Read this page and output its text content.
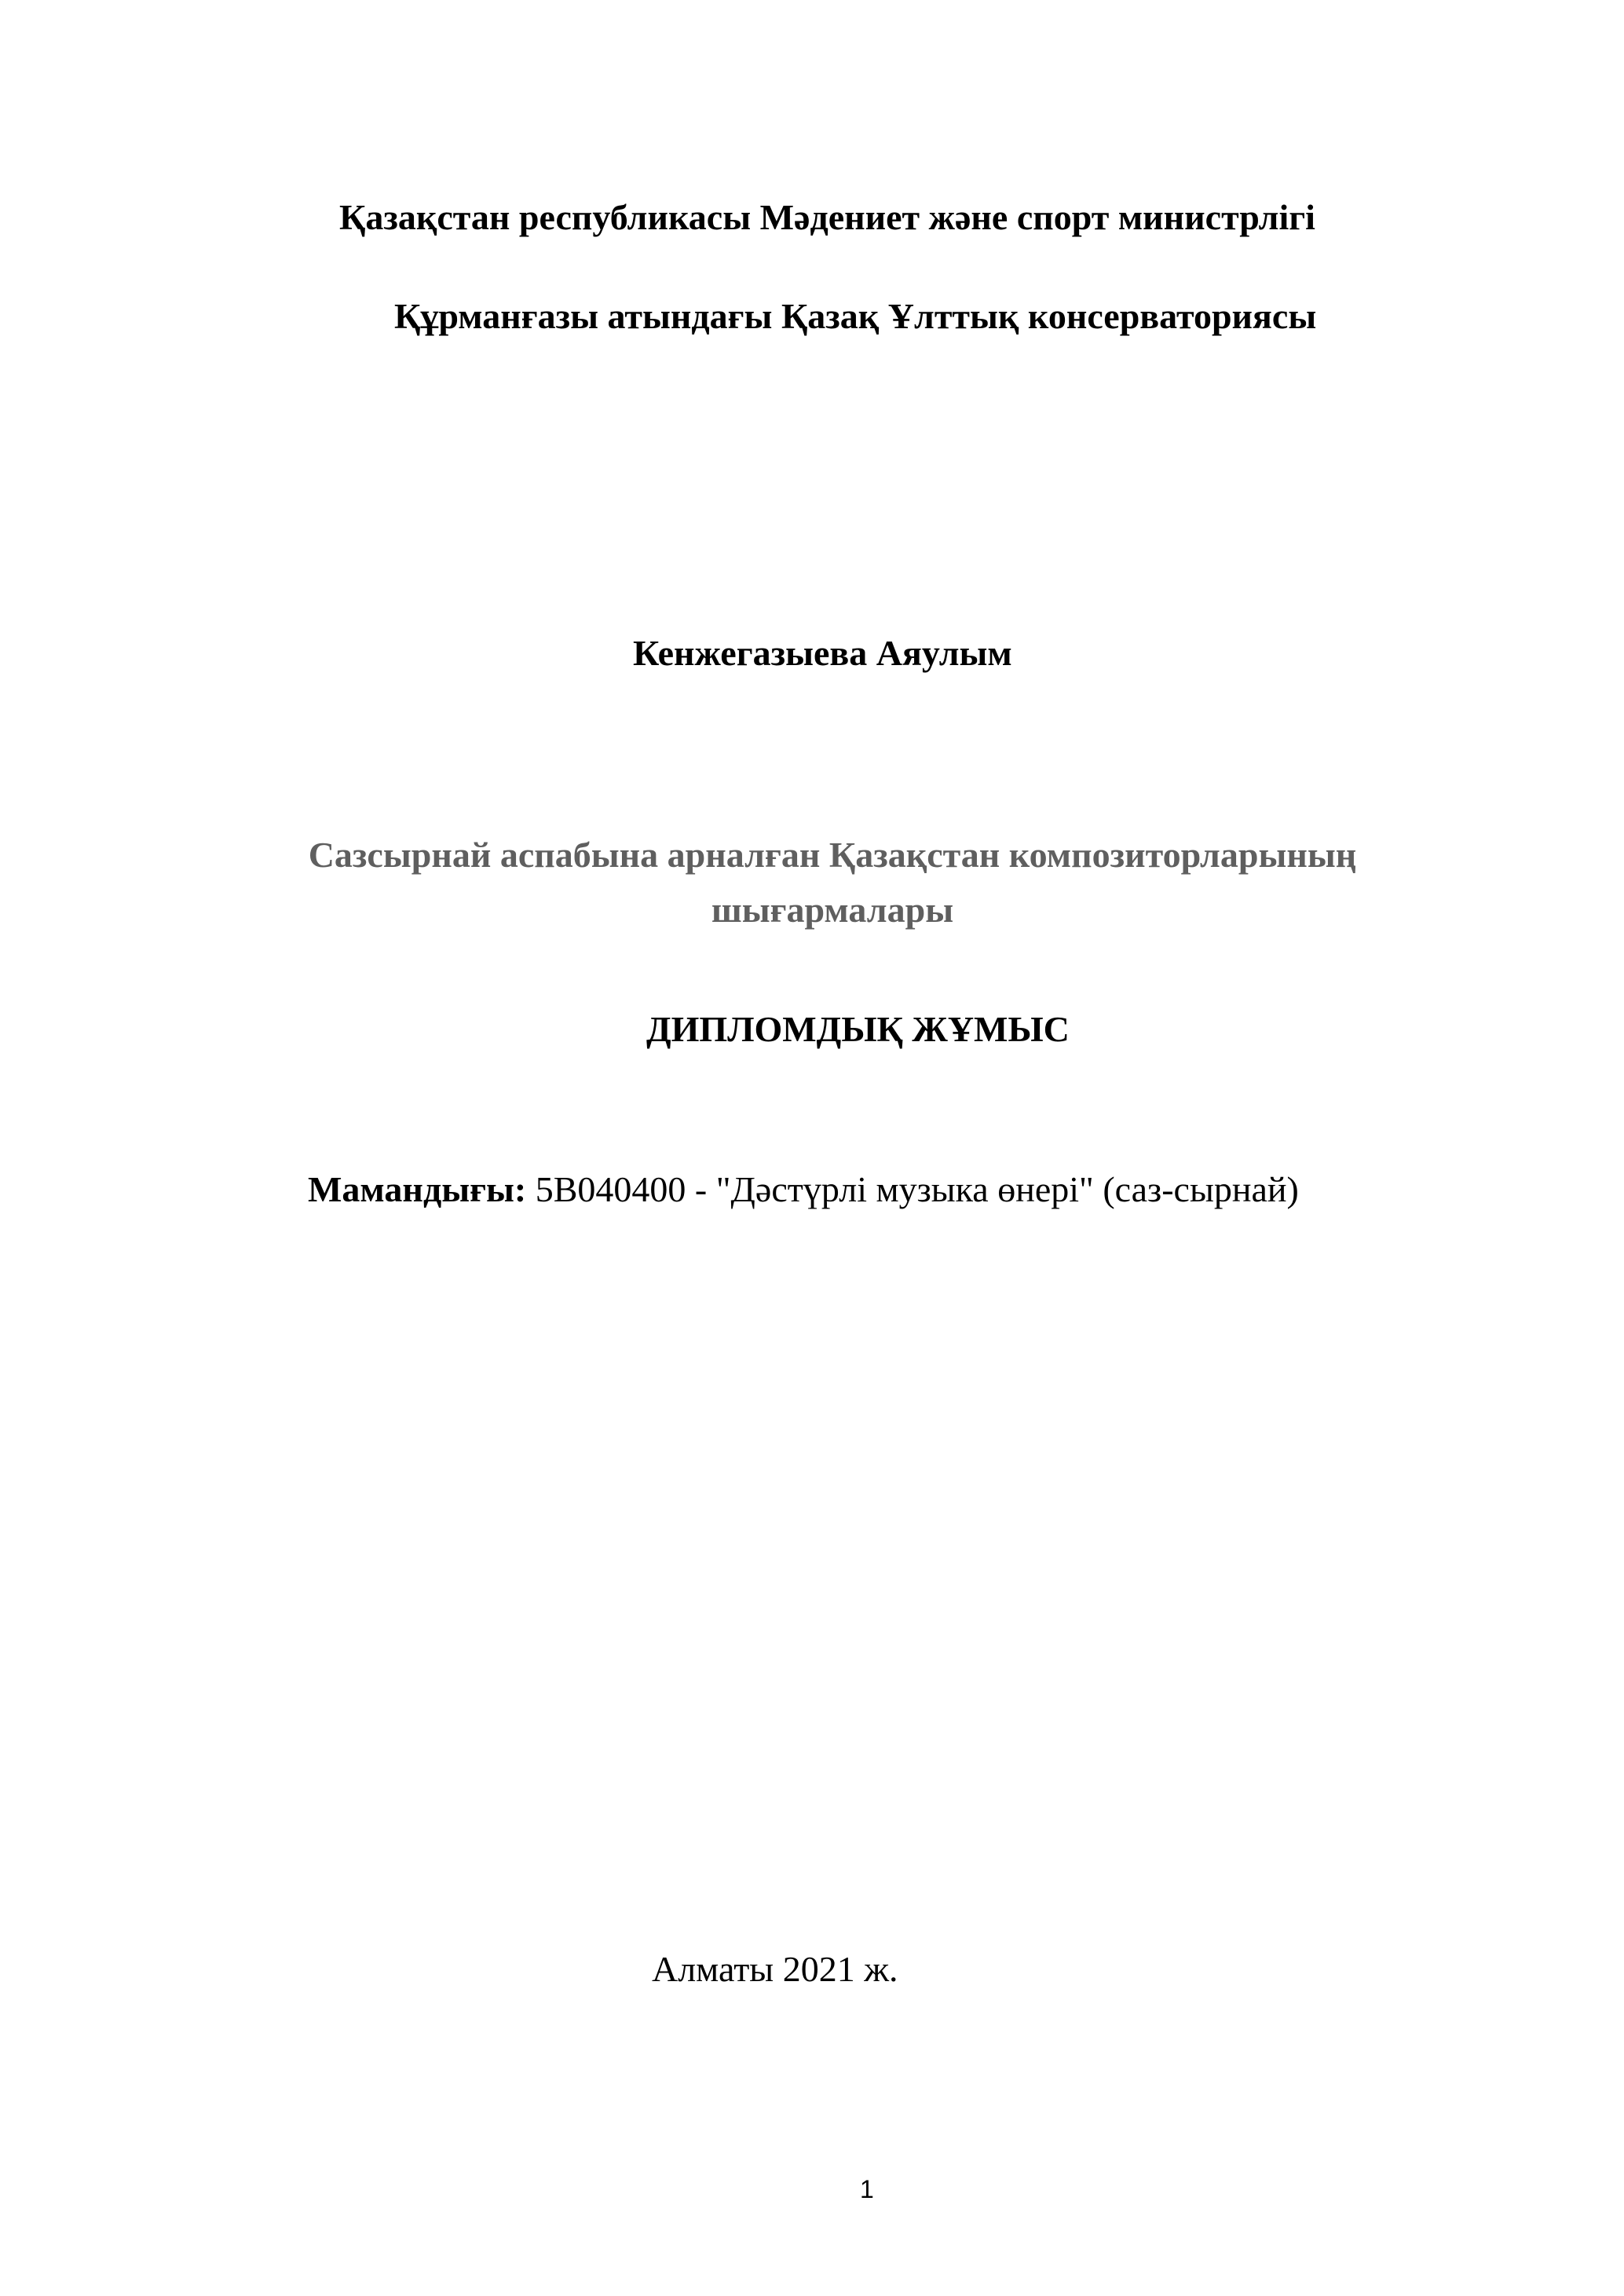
Қазақстан республикасы Мәдениет және спорт министрлігі
Құрманғазы атындағы Қазақ Ұлттық консерваториясы
Кенжегазыева Аяулым
Сазсырнай аспабына арналған Қазақстан композиторларының
шығармалары
ДИПЛОМДЫҚ ЖҰМЫС
Мамандығы: 5В040400 - "Дәстүрлі музыка өнері" (саз-сырнай)
Алматы 2021 ж.
1
